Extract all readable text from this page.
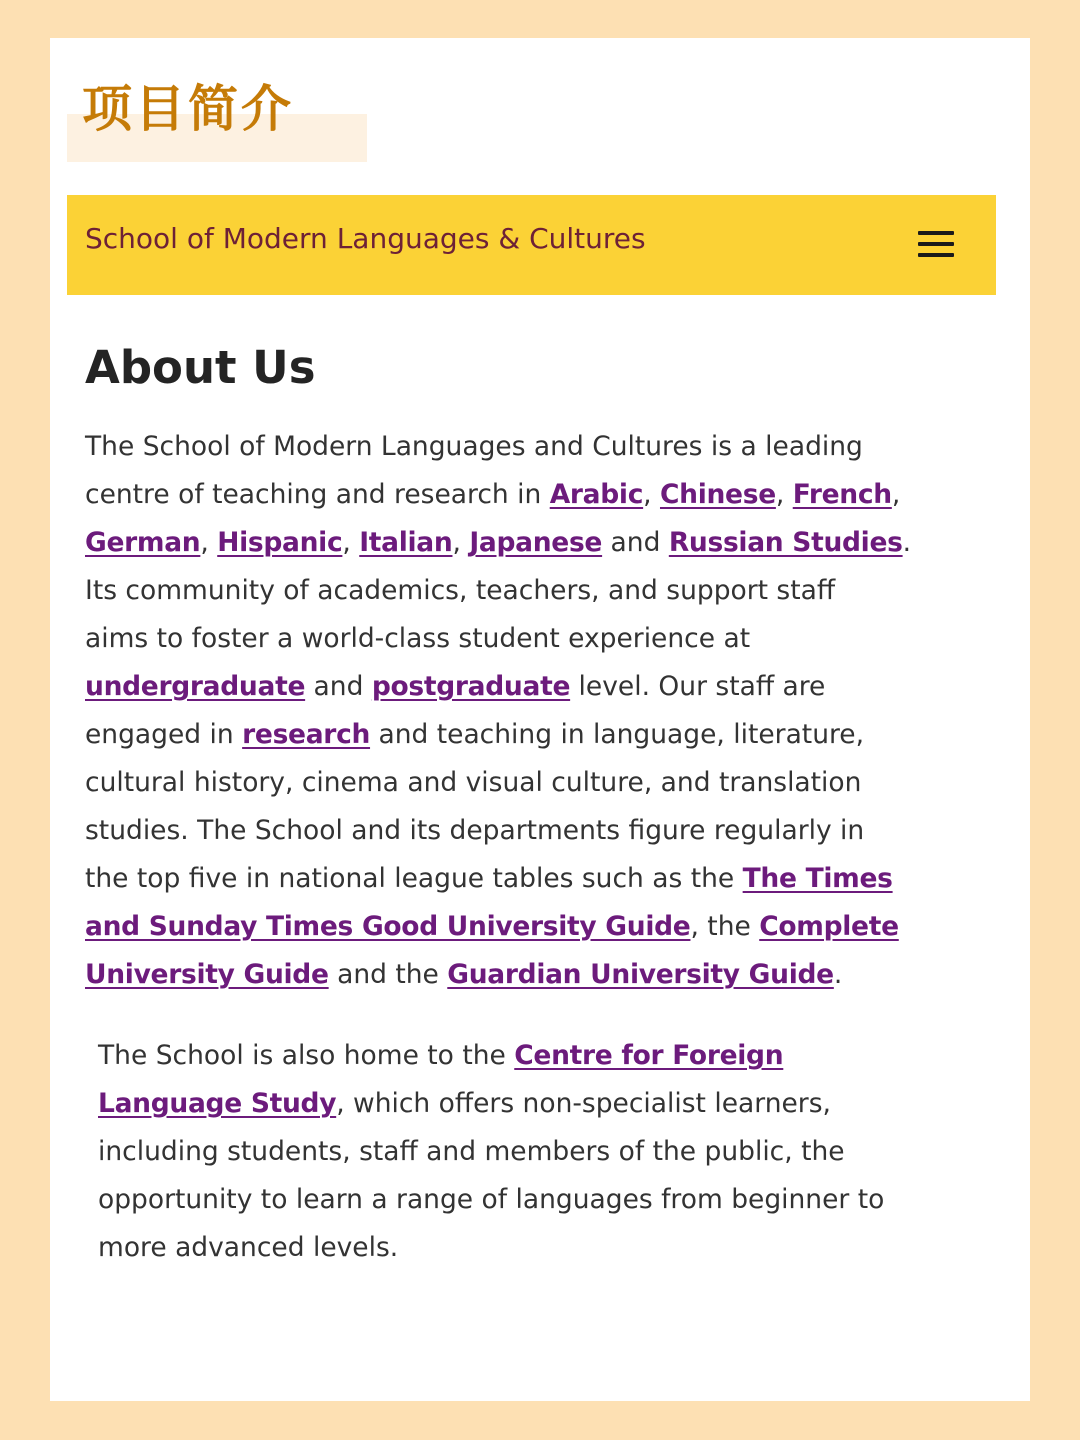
项目简介
School of Modern Languages & Cultures
About Us

The School of Modern Languages and Cultures is a leading
centre of teaching and research in Arabic, Chinese, French,
German, Hispanic, Italian, Japanese and Russian Studies.
Its community of academics, teachers, and support staff
aims to foster a world-class student experience at
undergraduate and postgraduate level. Our staff are
engaged in research and teaching in language, literature,
cultural history, cinema and visual culture, and translation
studies. The School and its departments figure regularly in
the top five in national league tables such as the The Times
and Sunday Times Good University Guide, the Complete
University Guide and the Guardian University Guide.

The School is also home to the Centre for Foreign
Language Study, which offers non-specialist learners,
including students, staff and members of the public, the
opportunity to learn a range of languages from beginner to
more advanced levels.
